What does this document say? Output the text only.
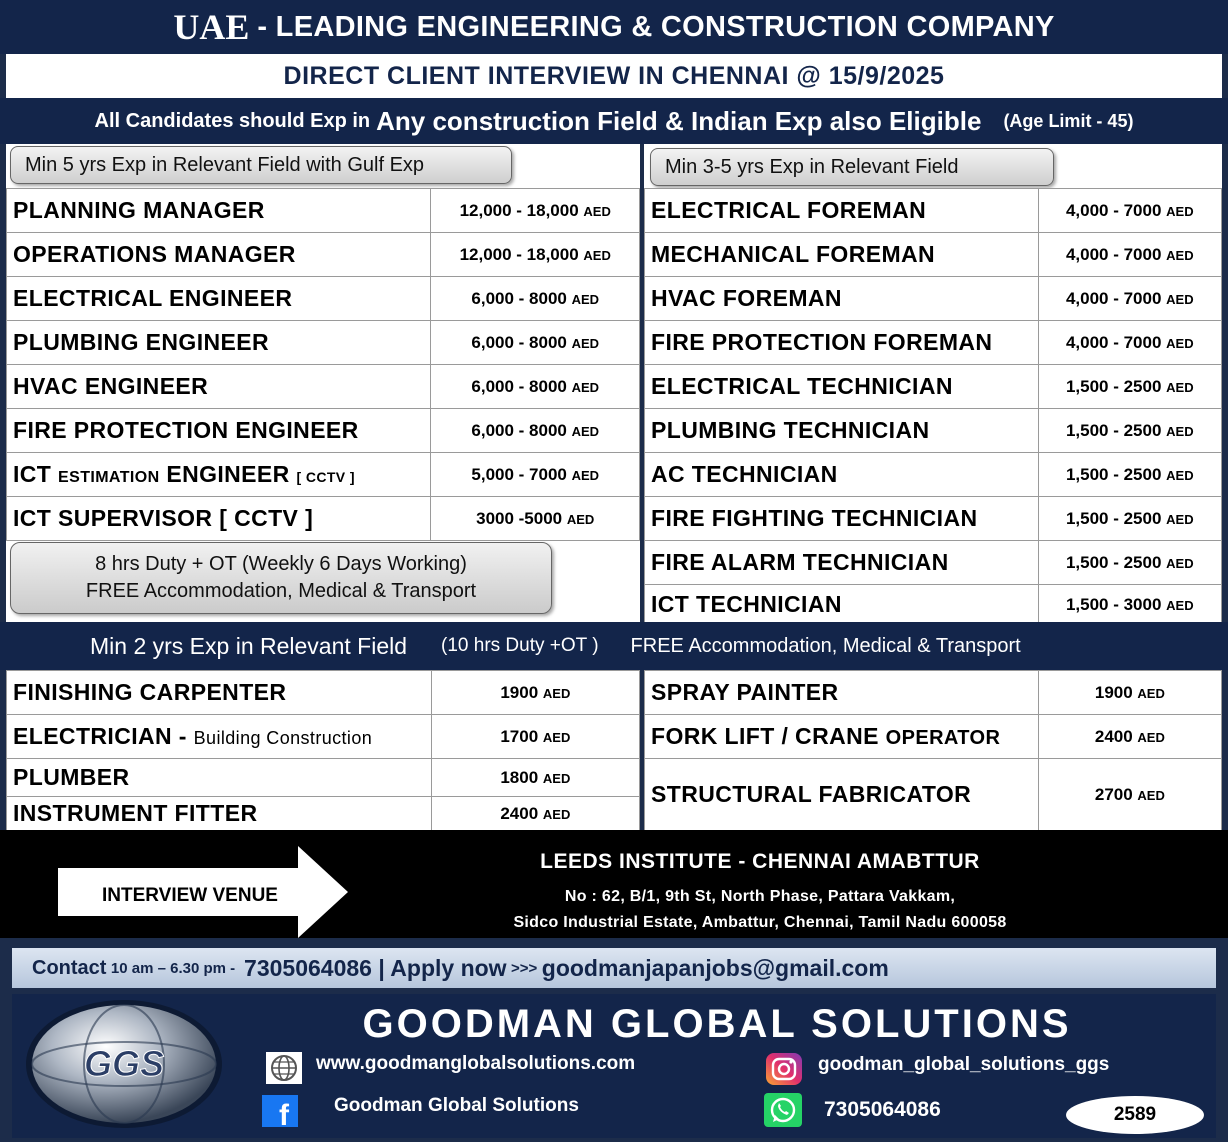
UAE - LEADING ENGINEERING & CONSTRUCTION COMPANY
DIRECT CLIENT INTERVIEW IN CHENNAI @ 15/9/2025
All Candidates should Exp in Any construction Field & Indian Exp also Eligible (Age Limit - 45)
Min 5 yrs Exp in Relevant Field with Gulf Exp
PLANNING MANAGER	12,000 - 18,000 AED
OPERATIONS MANAGER	12,000 - 18,000 AED
ELECTRICAL ENGINEER	6,000 - 8000 AED
PLUMBING ENGINEER	6,000 - 8000 AED
HVAC ENGINEER	6,000 - 8000 AED
FIRE PROTECTION ENGINEER	6,000 - 8000 AED
ICT ESTIMATION ENGINEER [ CCTV ]	5,000 - 7000 AED
ICT SUPERVISOR [ CCTV ]	3000 -5000 AED
8 hrs Duty + OT (Weekly 6 Days Working)
FREE Accommodation, Medical & Transport
Min 3-5 yrs Exp in Relevant Field
ELECTRICAL FOREMAN	4,000 - 7000 AED
MECHANICAL FOREMAN	4,000 - 7000 AED
HVAC FOREMAN	4,000 - 7000 AED
FIRE PROTECTION FOREMAN	4,000 - 7000 AED
ELECTRICAL TECHNICIAN	1,500 - 2500 AED
PLUMBING TECHNICIAN	1,500 - 2500 AED
AC TECHNICIAN	1,500 - 2500 AED
FIRE FIGHTING TECHNICIAN	1,500 - 2500 AED
FIRE ALARM TECHNICIAN	1,500 - 2500 AED
ICT TECHNICIAN	1,500 - 3000 AED
Min 2 yrs Exp in Relevant Field (10 hrs Duty +OT ) FREE Accommodation, Medical & Transport
FINISHING CARPENTER	1900 AED
ELECTRICIAN - Building Construction	1700 AED
PLUMBER	1800 AED
INSTRUMENT FITTER	2400 AED
SPRAY PAINTER	1900 AED
FORK LIFT / CRANE OPERATOR	2400 AED
STRUCTURAL FABRICATOR	2700 AED
INTERVIEW VENUE
LEEDS INSTITUTE - CHENNAI AMABTTUR
No : 62, B/1, 9th St, North Phase, Pattara Vakkam,
Sidco Industrial Estate, Ambattur, Chennai, Tamil Nadu 600058
Contact
10 am – 6.30 pm -
7305064086 | Apply now
>>>
goodmanjapanjobs@gmail.com
GGS
GOODMAN GLOBAL SOLUTIONS
www.goodmanglobalsolutions.com	goodman_global_solutions_ggs
f Goodman Global Solutions	7305064086	2589
